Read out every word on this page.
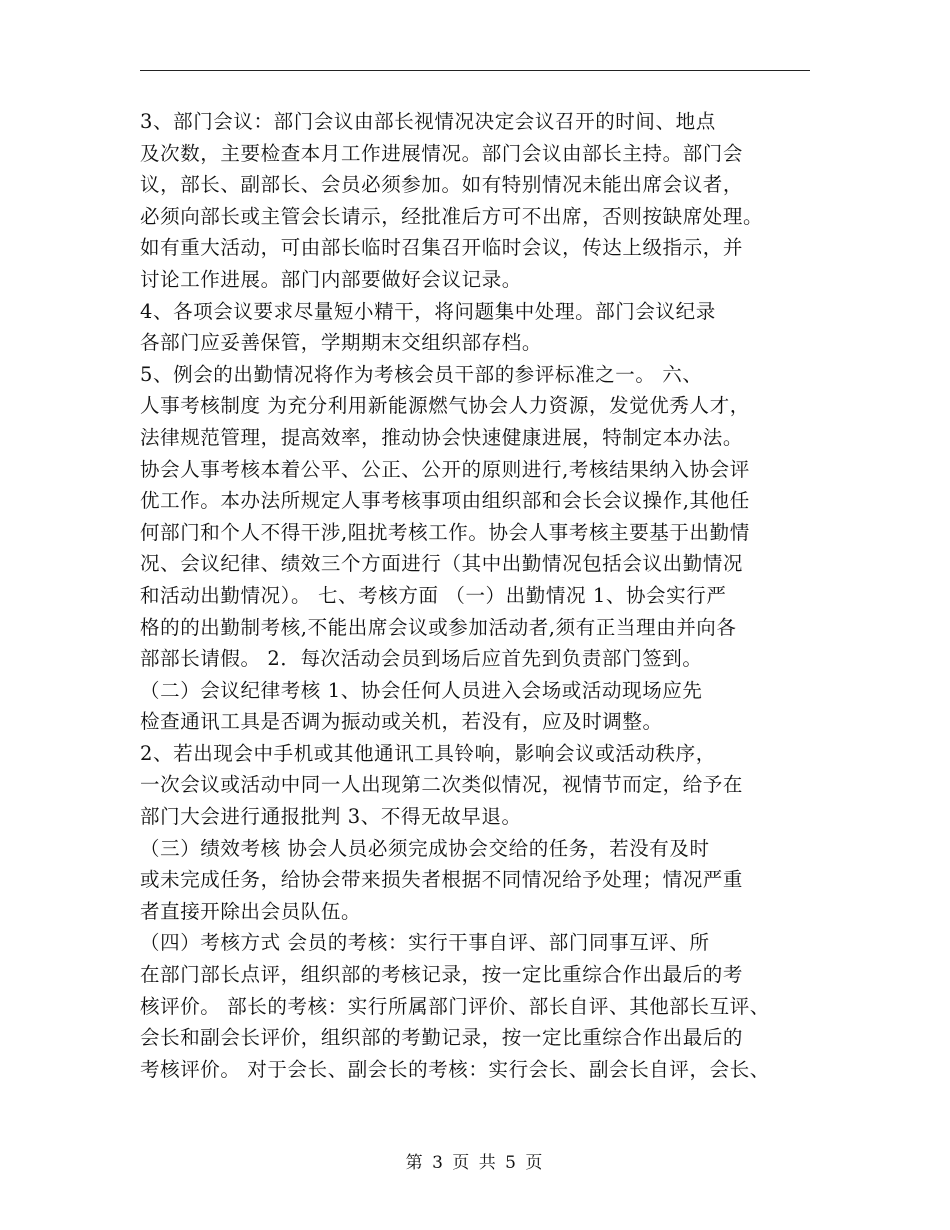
3、部门会议：部门会议由部长视情况决定会议召开的时间、地点
及次数，主要检查本月工作进展情况。部门会议由部长主持。部门会
议，部长、副部长、会员必须参加。如有特别情况未能出席会议者，
必须向部长或主管会长请示，经批准后方可不出席，否则按缺席处理。
如有重大活动，可由部长临时召集召开临时会议，传达上级指示，并
讨论工作进展。部门内部要做好会议记录。
4、各项会议要求尽量短小精干，将问题集中处理。部门会议纪录
各部门应妥善保管，学期期末交组织部存档。
5、例会的出勤情况将作为考核会员干部的参评标准之一。 六、
人事考核制度 为充分利用新能源燃气协会人力资源，发觉优秀人才，
法律规范管理，提高效率，推动协会快速健康进展，特制定本办法。
协会人事考核本着公平、公正、公开的原则进行,考核结果纳入协会评
优工作。本办法所规定人事考核事项由组织部和会长会议操作,其他任
何部门和个人不得干涉,阻扰考核工作。协会人事考核主要基于出勤情
况、会议纪律、绩效三个方面进行（其中出勤情况包括会议出勤情况
和活动出勤情况）。 七、考核方面 （一）出勤情况 1、协会实行严
格的的出勤制考核,不能出席会议或参加活动者,须有正当理由并向各
部部长请假。 2．每次活动会员到场后应首先到负责部门签到。
（二）会议纪律考核 1、协会任何人员进入会场或活动现场应先
检查通讯工具是否调为振动或关机，若没有，应及时调整。
2、若出现会中手机或其他通讯工具铃响，影响会议或活动秩序，
一次会议或活动中同一人出现第二次类似情况，视情节而定，给予在
部门大会进行通报批判 3、不得无故早退。
（三）绩效考核 协会人员必须完成协会交给的任务，若没有及时
或未完成任务，给协会带来损失者根据不同情况给予处理；情况严重
者直接开除出会员队伍。
（四）考核方式 会员的考核：实行干事自评、部门同事互评、所
在部门部长点评，组织部的考核记录，按一定比重综合作出最后的考
核评价。 部长的考核：实行所属部门评价、部长自评、其他部长互评、
会长和副会长评价，组织部的考勤记录，按一定比重综合作出最后的
考核评价。 对于会长、副会长的考核：实行会长、副会长自评，会长、
第 3 页 共 5 页
